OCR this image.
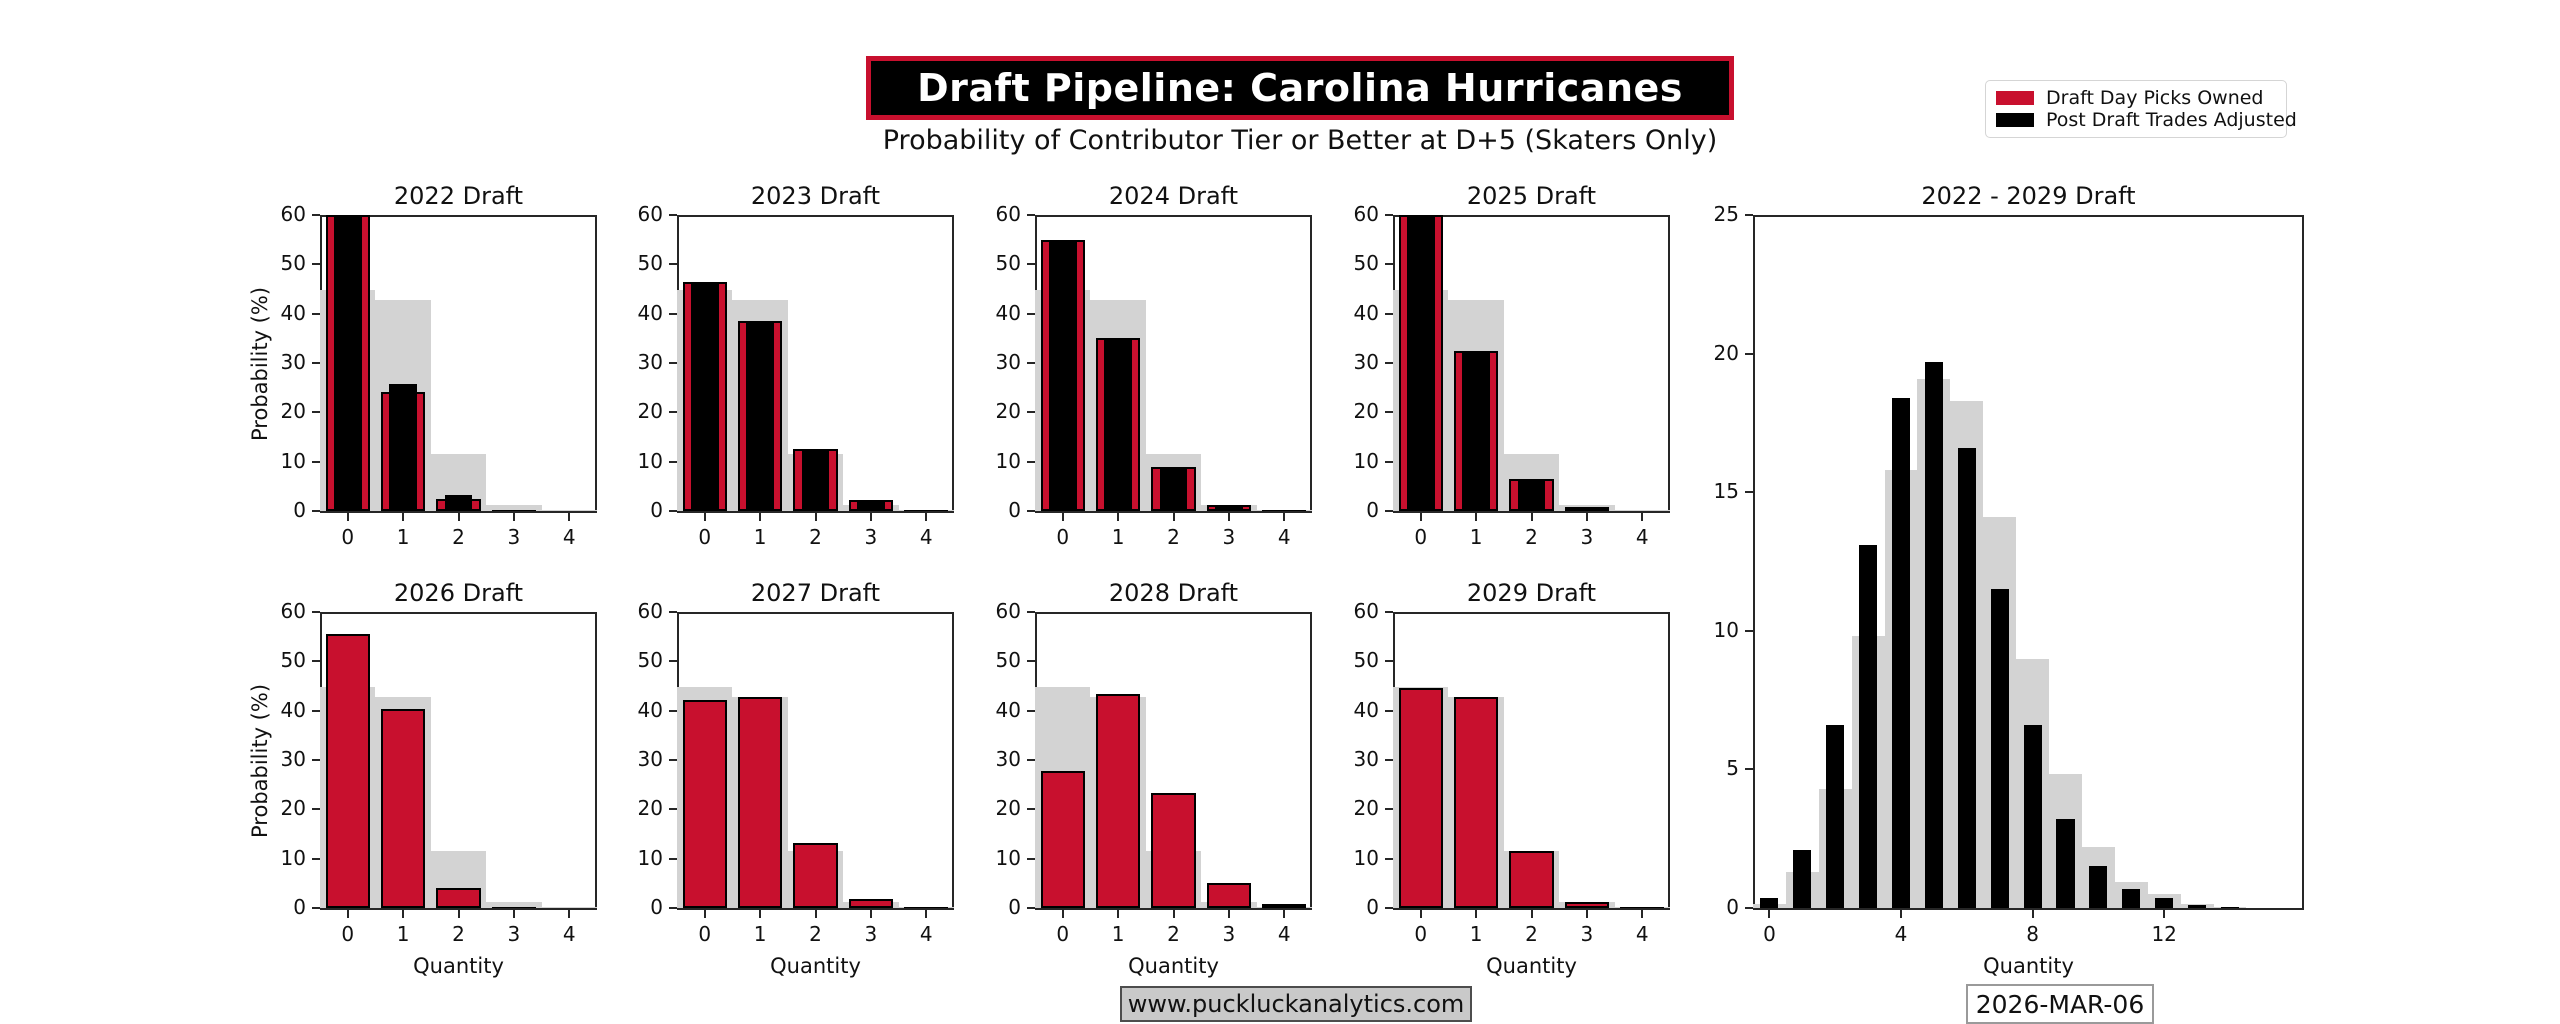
Draft Pipeline: Carolina Hurricanes
Probability of Contributor Tier or Better at D+5 (Skaters Only)
Draft Day Picks Owned
Post Draft Trades Adjusted
2022 Draft
0
10
20
30
40
50
60
0	1	2	3	4
Probability (%)
2023 Draft
0
10
20
30
40
50
60
0	1	2	3	4
2024 Draft
0
10
20
30
40
50
60
0	1	2	3	4
2025 Draft
0
10
20
30
40
50
60
0	1	2	3	4
2026 Draft
0
10
20
30
40
50
60
0	1	2	3	4
Probability (%)
Quantity
2027 Draft
0
10
20
30
40
50
60
0	1	2	3	4
Quantity
2028 Draft
0
10
20
30
40
50
60
0	1	2	3	4
Quantity
2029 Draft
0
10
20
30
40
50
60
0	1	2	3	4
Quantity
2022 - 2029 Draft
0
5
10
15
20
25
0	4	8	12
Quantity
www.puckluckanalytics.com	2026-MAR-06
